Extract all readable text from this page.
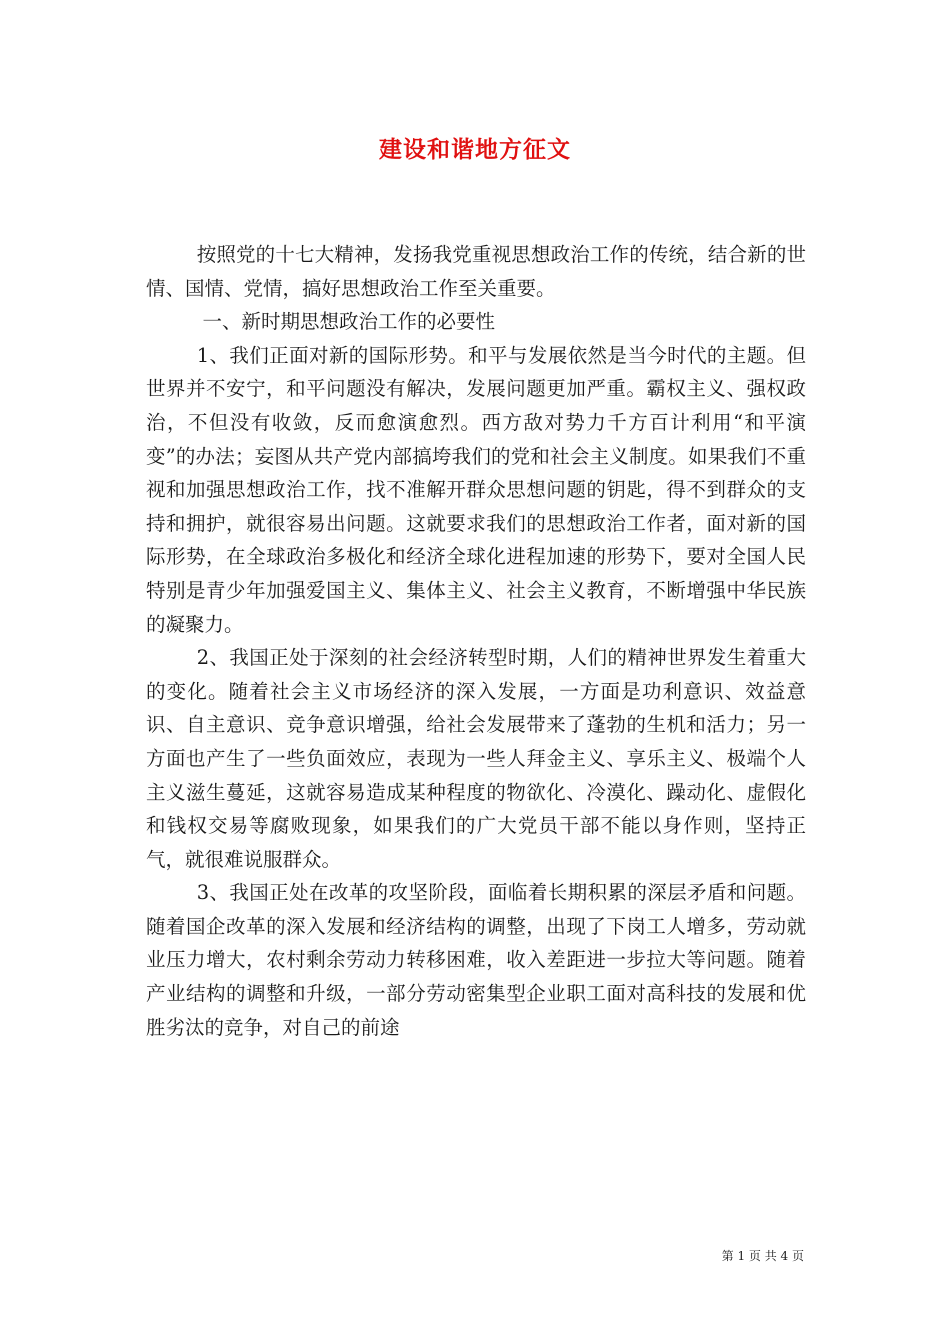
建设和谐地方征文

按照党的十七大精神，发扬我党重视思想政治工作的传统，结合新的世情、国情、党情，搞好思想政治工作至关重要。

一、新时期思想政治工作的必要性

1、我们正面对新的国际形势。和平与发展依然是当今时代的主题。但世界并不安宁，和平问题没有解决，发展问题更加严重。霸权主义、强权政治，不但没有收敛，反而愈演愈烈。西方敌对势力千方百计利用“和平演变”的办法；妄图从共产党内部搞垮我们的党和社会主义制度。如果我们不重视和加强思想政治工作，找不准解开群众思想问题的钥匙，得不到群众的支持和拥护，就很容易出问题。这就要求我们的思想政治工作者，面对新的国际形势，在全球政治多极化和经济全球化进程加速的形势下，要对全国人民特别是青少年加强爱国主义、集体主义、社会主义教育，不断增强中华民族的凝聚力。

2、我国正处于深刻的社会经济转型时期，人们的精神世界发生着重大的变化。随着社会主义市场经济的深入发展，一方面是功利意识、效益意识、自主意识、竞争意识增强，给社会发展带来了蓬勃的生机和活力；另一方面也产生了一些负面效应，表现为一些人拜金主义、享乐主义、极端个人主义滋生蔓延，这就容易造成某种程度的物欲化、冷漠化、躁动化、虚假化和钱权交易等腐败现象，如果我们的广大党员干部不能以身作则，坚持正气，就很难说服群众。

3、我国正处在改革的攻坚阶段，面临着长期积累的深层矛盾和问题。随着国企改革的深入发展和经济结构的调整，出现了下岗工人增多，劳动就业压力增大，农村剩余劳动力转移困难，收入差距进一步拉大等问题。随着产业结构的调整和升级，一部分劳动密集型企业职工面对高科技的发展和优胜劣汰的竞争，对自己的前途

第 1 页 共 4 页
